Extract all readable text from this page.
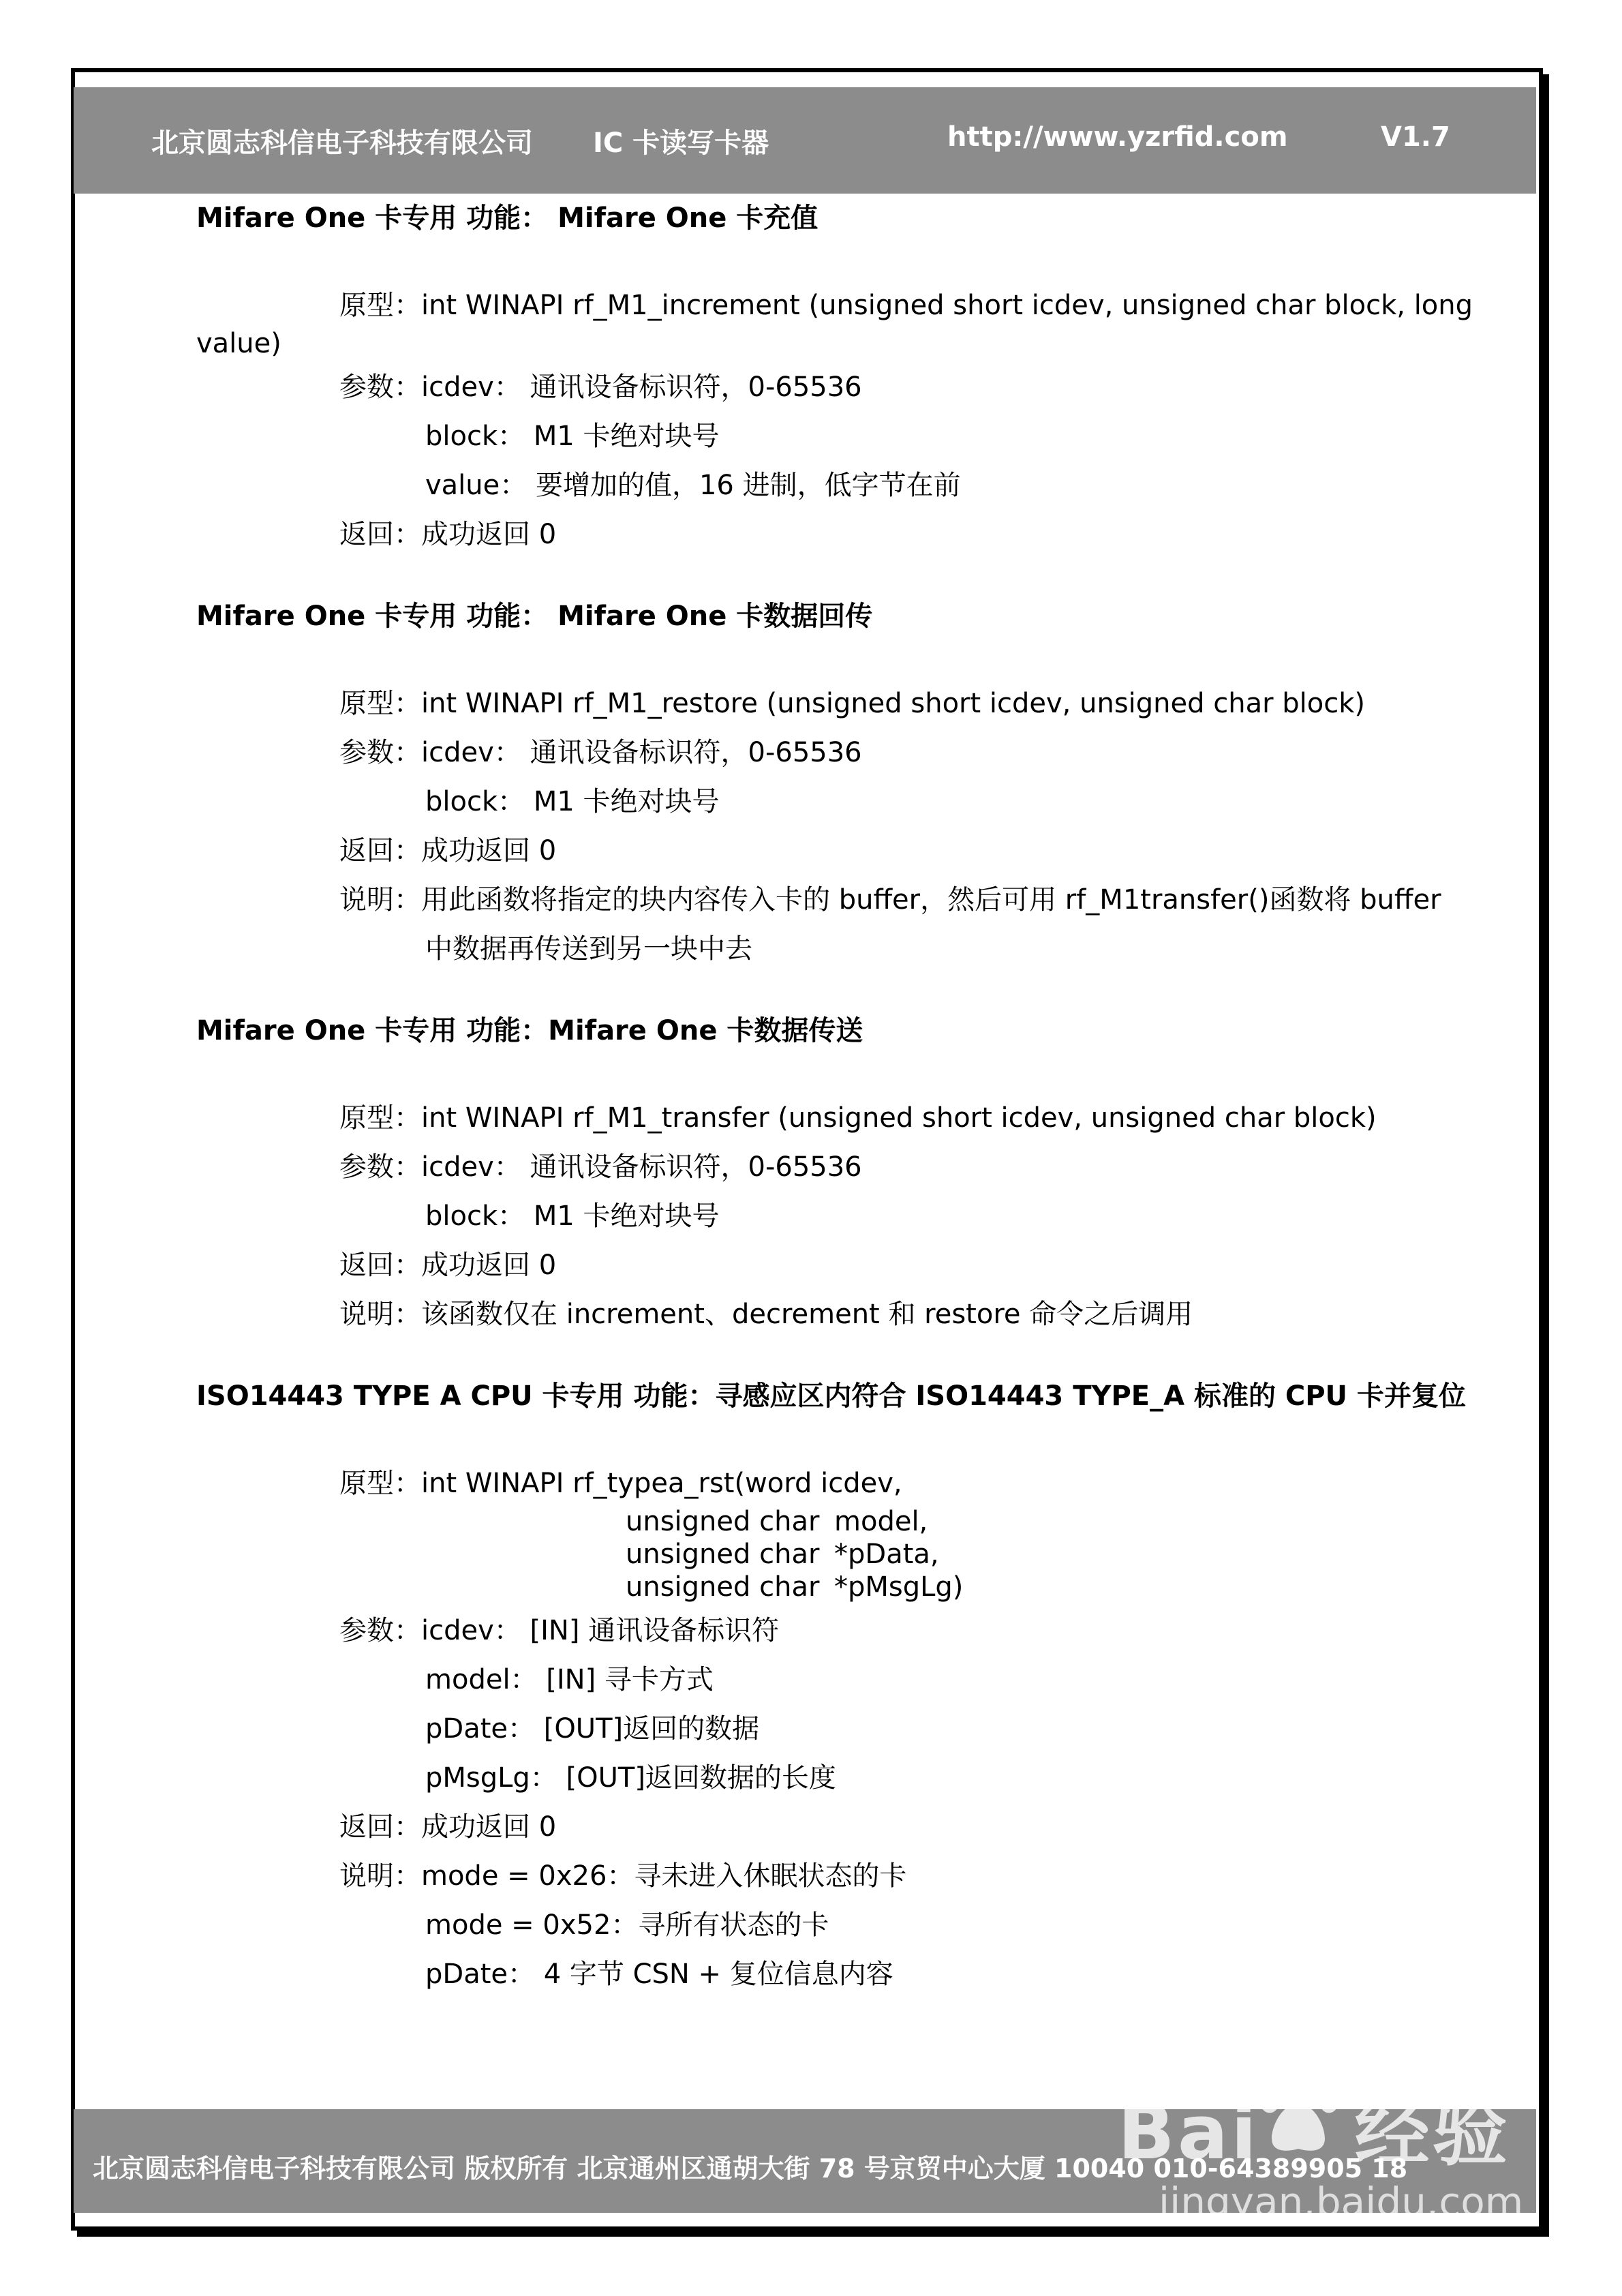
北京圆志科信电子科技有限公司 IC 卡读写卡器	http://www.yzrfid.com	V1.7
Mifare One 卡专用 功能： Mifare One 卡充值
原型：int WINAPI rf_M1_increment (unsigned short icdev, unsigned char block, long
value)
参数：icdev： 通讯设备标识符，0-65536
block： M1 卡绝对块号
value： 要增加的值，16 进制，低字节在前
返回：成功返回 0
Mifare One 卡专用 功能： Mifare One 卡数据回传
原型：int WINAPI rf_M1_restore (unsigned short icdev, unsigned char block)
参数：icdev： 通讯设备标识符，0-65536
block： M1 卡绝对块号
返回：成功返回 0
说明：用此函数将指定的块内容传入卡的 buffer，然后可用 rf_M1transfer()函数将 buffer
中数据再传送到另一块中去
Mifare One 卡专用 功能：Mifare One 卡数据传送
原型：int WINAPI rf_M1_transfer (unsigned short icdev, unsigned char block)
参数：icdev： 通讯设备标识符，0-65536
block： M1 卡绝对块号
返回：成功返回 0
说明：该函数仅在 increment、decrement 和 restore 命令之后调用
ISO14443 TYPE A CPU 卡专用 功能：寻感应区内符合 ISO14443 TYPE_A 标准的 CPU 卡并复位
原型：int WINAPI rf_typea_rst(word icdev,
unsigned char model,
unsigned char *pData,
unsigned char *pMsgLg)
参数：icdev： [IN] 通讯设备标识符
model： [IN] 寻卡方式
pDate： [OUT]返回的数据
pMsgLg： [OUT]返回数据的长度
返回：成功返回 0
说明：mode = 0x26：寻未进入休眠状态的卡
mode = 0x52：寻所有状态的卡
pDate： 4 字节 CSN + 复位信息内容
北京圆志科信电子科技有限公司 版权所有 北京通州区通胡大街 78 号京贸中心大厦 10040 010-64389905 18
Bai 经验
jingyan.baidu.com
